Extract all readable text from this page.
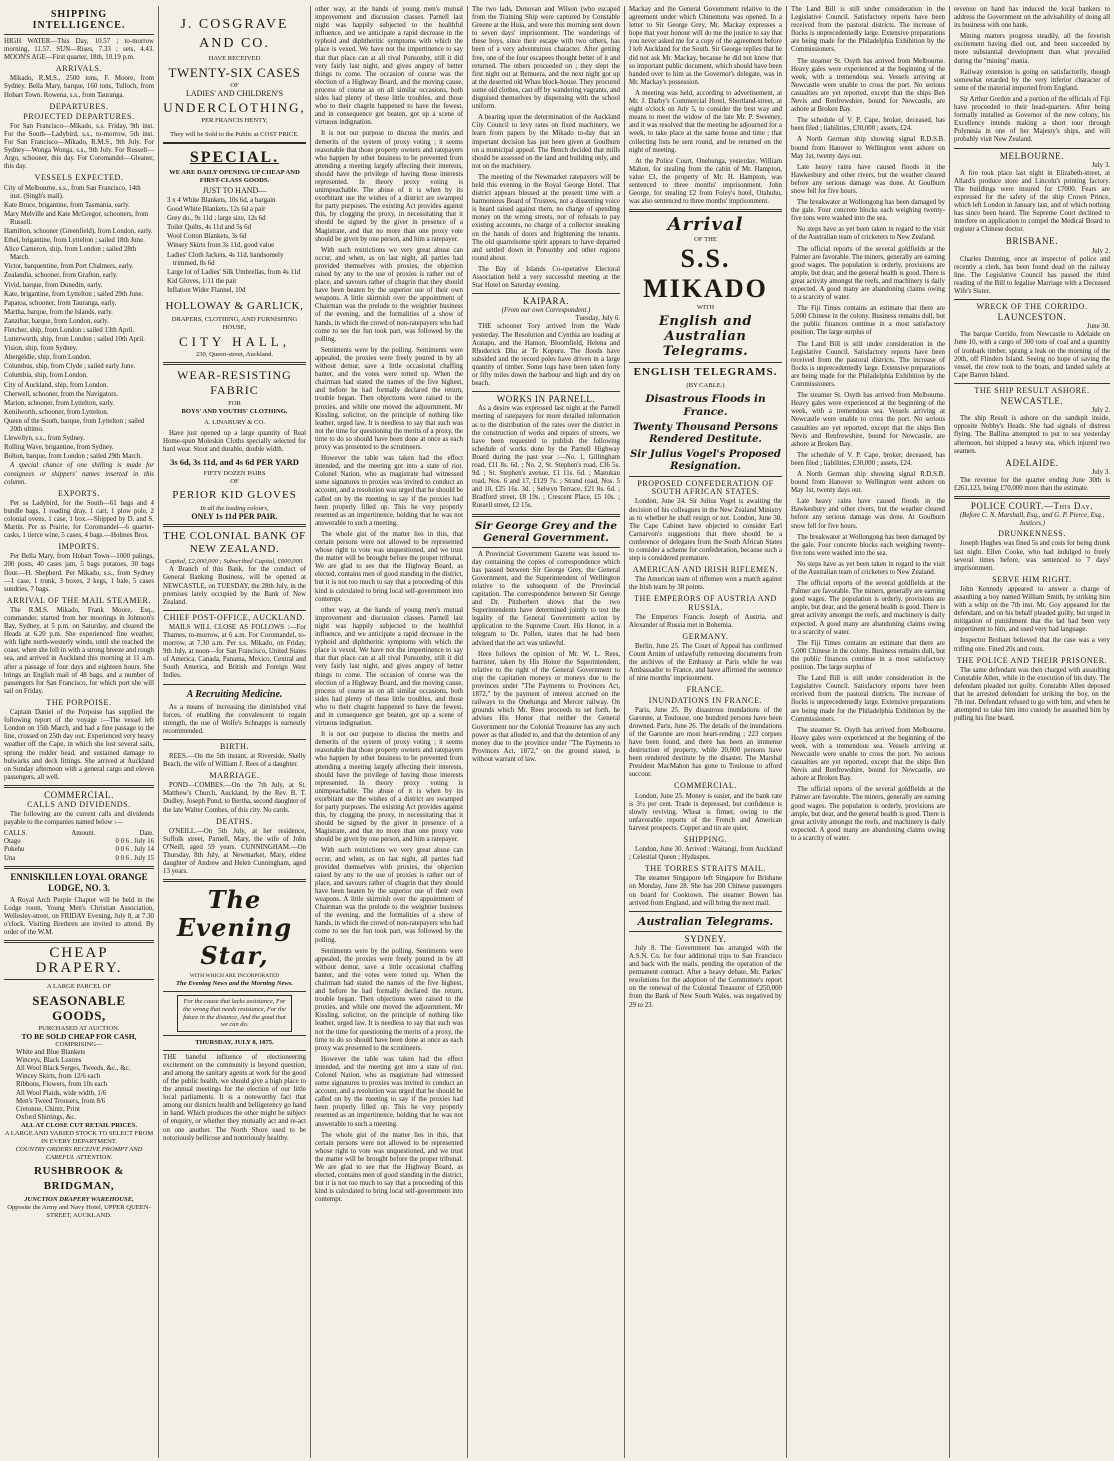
SHIPPING INTELLIGENCE.

HIGH WATER—This Day, 10.57 ; to-morrow morning, 11.57. SUN—Rises, 7.33 ; sets, 4.43. MOON'S AGE—First quarter, 18th, 10.19 p.m.

ARRIVALS.

Mikado, R.M.S., 2500 tons, F. Moore, from Sydney. Bella Mary, barque, 160 tons, Tulloch, from Hobart Town. Rowena, s.s., from Tauranga.

DEPARTURES.
PROJECTED DEPARTURES.

For San Francisco—Mikado, s.s. Friday, 9th inst. For the South—Ladybird, s.s., to-morrow, 5th inst. For San Francisco—Mikado, R.M.S., 9th July. For Sydney—Wonga Wonga, s.s., 9th July. For Russell—Argo, schooner, this day. For Coromandel—Gleaner, this day.

VESSELS EXPECTED.
City of Melbourne, s.s., from San Francisco, 14th inst. (Singh's mail).
Kate Bruce, brigantine, from Tasmania, early.
Mary Melville and Kate McGregor, schooners, from Russell.
Hamilton, schooner (Greenfield), from London, early.
Ethel, brigantine, from Lyttelton ; sailed 18th June.
Alice Cameron, ship, from London ; sailed 28th March.
Victor, barquentine, from Port Chalmers, early.
Zealandia, schooner, from Grafton, early.
Vivid, barque, from Dunedin, early.
Kate, brigantine, from Lyttelton ; sailed 29th June.
Papatoa, schooner, from Tauranga, early.
Martha, barque, from the Islands, early.
Zanzibar, barque, from London, early.
Fletcher, ship, from London ; sailed 13th April.
Lutterworth, ship, from London ; sailed 10th April.
Vision, ship, from Sydney.
Abergeldie, ship, from London.
Columbus, ship, from Clyde ; sailed early June.
Columbia, ship, from London.
City of Auckland, ship, from London.
Cherwell, schooner, from the Navigators.
Marion, schooner, from Lyttelton, early.
Kenilworth, schooner, from Lyttelton.
Queen of the South, barque, from Lyttelton ; sailed 20th ultimo.
Llewellyn, s.s., from Sydney.
Rolling Wave, brigantine, from Sydney.
Bolton, barque, from London ; sailed 29th March.

A special chance of one shilling is made for consignees or shippers' names inserted in this column.

EXPORTS.

Per ss Ladybird, for the South—61 bags and 4 bundle bags, 1 roading dray, 1 cart, 1 plow pole, 2 colonial ovens, 1 case, 1 box.—Shipped by D. and S. Martin. Per ss Prairie, for Coromandel—6 quarter-casks, 1 tierce wine, 5 cases, 4 bags.—Holmes Bros.

IMPORTS.

Per Bella Mary, from Hobart Town—1000 palings, 200 posts, 40 cases jam, 5 bags potatoes, 30 bags flour.—H. Shepherd. Per Mikado, s.s., from Sydney—1 case, 1 trunk, 3 boxes, 2 kegs, 1 bale, 5 cases sundries, 7 bags.

ARRIVAL OF THE MAIL STEAMER.

The R.M.S. Mikado, Frank Moore, Esq., commander, started from her moorings in Johnson's Bay, Sydney, at 5 p.m. on Saturday, and cleared the Heads at 6.20 p.m. She experienced fine weather, with light north-westerly winds, until she reached the coast, when she fell in with a strong breeze and rough sea, and arrived in Auckland this morning at 11 a.m. after a passage of four days and eighteen hours. She brings an English mail of 48 bags, and a number of passengers for San Francisco, for which port she will sail on Friday.

THE PORPOISE.

Captain Daniel of the Porpoise has supplied the following report of the voyage :—The vessel left London on 15th March, and had a fine passage to the line, crossed on 25th day out. Experienced very heavy weather off the Cape, in which she lost several sails, sprung the rudder head, and sustained damage to bulwarks and deck fittings. She arrived at Auckland on Sunday afternoon with a general cargo and eleven passengers, all well.

COMMERCIAL.
CALLS AND DIVIDENDS.

The following are the current calls and dividends payable to the companies named below :—

CALLS.	Amount.	Date.
Otago	0 0 6 . July 16
Pukehu	0 0 6 . July 14
Una	0 0 6 . July 15
ENNISKILLEN LOYAL ORANGE LODGE, NO. 3.

A Royal Arch Purple Chapter will be held in the Lodge room, Young Men's Christian Association, Wellesley-street, on FRIDAY Evening, July 8, at 7.30 o'clock. Visiting Brethren are invited to attend. By order of the W.M.

CHEAP DRAPERY.
A LARGE PARCEL OF
SEASONABLE GOODS,
PURCHASED AT AUCTION.
TO BE SOLD CHEAP FOR CASH,
COMPRISING—
White and Blue Blankets
Winceys, Black Lustres
All Wool Black Serges, Tweeds, &c., &c.
Wincey Skirts, from 12/6 each
Ribbons, Flowers, from 10s each
All Wool Plaids, wide width, 1/6
Men's Tweed Trousers, from 8/6
Cretonne, Chintz, Print
Oxford Shirtings, &c.
ALL AT CLOSE CUT RETAIL PRICES.
A LARGE AND VARIED STOCK TO SELECT FROM IN EVERY DEPARTMENT.
COUNTRY ORDERS RECEIVE PROMPT AND CAREFUL ATTENTION.
RUSHBROOK & BRIDGMAN,
JUNCTION DRAPERY WAREHOUSE,
Opposite the Army and Navy Hotel, UPPER QUEEN-STREET, AUCKLAND.
J. COSGRAVE AND CO.
HAVE RECEIVED
TWENTY-SIX CASES
OF
LADIES' AND CHILDREN'S
UNDERCLOTHING,
PER FRANCIS HENTY,
They will be Sold to the Public at COST PRICE.
SPECIAL.
WE ARE DAILY OPENING UP CHEAP AND FIRST-CLASS GOODS.
JUST TO HAND—
3 x 4 White Blankets, 10s 6d, a bargain
Good White Blankets, 12s 6d a pair
Grey do., 9s 11d ; large size, 12s 6d
Toilet Quilts, 4s 11d and 5s 6d
Wool Cotton Blankets, 3s 6d
Winsey Skirts from 3s 11d, good value
Ladies' Cloth Jackets, 4s 11d, handsomely trimmed, 8s 6d
Large lot of Ladies' Silk Umbrellas, from 4s 11d
Kid Gloves, 1/11 the pair
Inflation Wider Flannel, 10d
HOLLOWAY & GARLICK,
DRAPERS, CLOTHING, AND FURNISHING HOUSE,
CITY HALL,
230, Queen-street, Auckland.
WEAR-RESISTING FABRIC
FOR
BOYS' AND YOUTHS' CLOTHING.
A. LINABURY & CO.

Have just opened up a large quantity of Real Home-spun Moleskin Cloths specially selected for hard wear. Stout and durable, double width.

3s 6d, 3s 11d, and 4s 6d PER YARD
FIFTY DOZEN PAIRS
OF
PERIOR KID GLOVES
In all the leading colours,
ONLY 1s 11d PER PAIR.
THE COLONIAL BANK OF NEW ZEALAND.
Capital, £2,000,000 ; Subscribed Capital, £600,000.

A Branch of this Bank, for the conduct of General Banking Business, will be opened at NEWCASTLE, on TUESDAY, the 28th July, in the premises lately occupied by the Bank of New Zealand.

CHIEF POST-OFFICE, AUCKLAND.

MAILS WILL CLOSE AS FOLLOWS :—For Thames, to-morrow, at 6 a.m. For Coromandel, to-morrow, at 7.30 a.m. Per s.s. Mikado, on Friday, 9th July, at noon—for San Francisco, United States of America, Canada, Panama, Mexico, Central and South America, and British and Foreign West Indies.

A Recruiting Medicine.

As a means of increasing the diminished vital forces, of enabling the convalescent to regain strength, the use of Wolfe's Schnapps is earnestly recommended.

BIRTH.

REES.—On the 5th instant, at Riverside, Skelly Beach, the wife of William J. Rees of a daughter.

MARRIAGE.

POND—COMBES.—On the 7th July, at St. Matthew's Church, Auckland, by the Rev. B. T. Dudley, Joseph Pond, to Bertha, second daughter of the late Walter Combes, of this city. No cards.

DEATHS.

O'NEILL.—On 5th July, at her residence, Suffolk street, Parnell, Mary, the wife of John O'Neill, aged 59 years. CUNNINGHAM.—On Thursday, 8th July, at Newmarket, Mary, eldest daughter of Andrew and Helen Cunningham, aged 13 years.

The Evening Star,
WITH WHICH ARE INCORPORATED
The Evening News and the Morning News.
For the cause that lacks assistance, For the wrong that needs resistance, For the future in the distance, And the good that we can do.
THURSDAY, JULY 8, 1875.

THE baneful influence of electioneering excitement on the community is beyond question, and among the sanitary agents at work for the good of the public health, we should give a high place to the annual meetings for the election of our little local parliaments. It is a noteworthy fact that among our districts health and belligerency go hand in hand. Which produces the other might be subject of enquiry, or whether they mutually act and re-act on one another. The North Shore used to be notoriously bellicose and notoriously healthy.

other way, at the hands of young men's mutual improvement and discussion classes. Parnell last night was happily subjected to the healthful influence, and we anticipate a rapid decrease in the typhoid and diphtheritic symptoms with which the place is vexed. We have not the impertinence to say that that place can at all rival Ponsonby, still it did very fairly last night, and gives angury of better things to come. The occasion of course was the election of a Highway Board, and the moving cause, process of course as on all similar occasions, both sides had plenty of these little troubles, and those who to their chagrin happened to have the fewest, and in consequence got beaten, got up a scene of virtuous indignation.

It is not our purpose to discuss the merits and demerits of the system of proxy voting ; it seems reasonable that those property owners and ratepayers who happen by other business to be prevented from attending a meeting largely affecting their interests, should have the privilege of having those interests represented. In theory proxy voting is unimpeachable. The abuse of it is when by its exorbitant use the wishes of a district are swamped for party purposes. The existing Act provides against this, by clogging the proxy, in necessitating that it should be signed by the giver in presence of a Magistrate, and that no more than one proxy vote should be given by one person, and him a ratepayer.

With such restrictions we very great abuse can occur, and when, as on last night, all parties had provided themselves with proxies, the objection raised by any to the use of proxies is rather out of place, and savours rather of chagrin that they should have been beaten by the superior use of their own weapons. A little skirmish over the appointment of Chairman was the prelude to the weightier business of the evening, and the formalities of a show of hands, in which the crowd of non-ratepayers who had come to see the fun took part, was followed by the polling.

Sentiments were by the polling. Sentiments were appealed, the proxies were freely poured in by all without demur, save a little occasional chaffing banter, and the votes were totted up. When the chairman had stated the names of the five highest, and before he had formally declared the return, trouble began. Then objections were raised to the proxies, and while one moved the adjournment, Mr Kissling, solicitor, on the principle of nothing like leather, urged law. It is needless to say that such was not the time for questioning the merits of a proxy, the time to do so should have been done at once as each proxy was presented to the scrutineers.

However the table was taken had the effect intended, and the meeting got into a state of riot. Colonel Nation, who as magistrate had witnessed some signatures to proxies was invited to conduct an account, and a resolution was urged that he should be called on by the meeting to say if the proxies had been properly filled up. This he very properly resented as an impertinence, holding that he was not answerable to such a meeting.

The whole gist of the matter lies in this, that certain persons were not allowed to be represented whose right to vote was unquestioned, and we trust the matter will be brought before the proper tribunal. We are glad to see that the Highway Board, as elected, contains men of good standing in the district, but it is not too much to say that a proceeding of this kind is calculated to bring local self-government into contempt.

other way, at the hands of young men's mutual improvement and discussion classes. Parnell last night was happily subjected to the healthful influence, and we anticipate a rapid decrease in the typhoid and diphtheritic symptoms with which the place is vexed. We have not the impertinence to say that that place can at all rival Ponsonby, still it did very fairly last night, and gives angury of better things to come. The occasion of course was the election of a Highway Board, and the moving cause, process of course as on all similar occasions, both sides had plenty of these little troubles, and those who to their chagrin happened to have the fewest, and in consequence got beaten, got up a scene of virtuous indignation.

It is not our purpose to discuss the merits and demerits of the system of proxy voting ; it seems reasonable that those property owners and ratepayers who happen by other business to be prevented from attending a meeting largely affecting their interests, should have the privilege of having those interests represented. In theory proxy voting is unimpeachable. The abuse of it is when by its exorbitant use the wishes of a district are swamped for party purposes. The existing Act provides against this, by clogging the proxy, in necessitating that it should be signed by the giver in presence of a Magistrate, and that no more than one proxy vote should be given by one person, and him a ratepayer.

With such restrictions we very great abuse can occur, and when, as on last night, all parties had provided themselves with proxies, the objection raised by any to the use of proxies is rather out of place, and savours rather of chagrin that they should have been beaten by the superior use of their own weapons. A little skirmish over the appointment of Chairman was the prelude to the weightier business of the evening, and the formalities of a show of hands, in which the crowd of non-ratepayers who had come to see the fun took part, was followed by the polling.

Sentiments were by the polling. Sentiments were appealed, the proxies were freely poured in by all without demur, save a little occasional chaffing banter, and the votes were totted up. When the chairman had stated the names of the five highest, and before he had formally declared the return, trouble began. Then objections were raised to the proxies, and while one moved the adjournment, Mr Kissling, solicitor, on the principle of nothing like leather, urged law. It is needless to say that such was not the time for questioning the merits of a proxy, the time to do so should have been done at once as each proxy was presented to the scrutineers.

However the table was taken had the effect intended, and the meeting got into a state of riot. Colonel Nation, who as magistrate had witnessed some signatures to proxies was invited to conduct an account, and a resolution was urged that he should be called on by the meeting to say if the proxies had been properly filled up. This he very properly resented as an impertinence, holding that he was not answerable to such a meeting.

The whole gist of the matter lies in this, that certain persons were not allowed to be represented whose right to vote was unquestioned, and we trust the matter will be brought before the proper tribunal. We are glad to see that the Highway Board, as elected, contains men of good standing in the district, but it is not too much to say that a proceeding of this kind is calculated to bring local self-government into contempt.

The two lads, Donovan and Wilson (who escaped from the Training Ship were captured by Constable Greene at the Huia, and were this morning sent down to seven days' imprisonment. The wanderings of these boys, since their escape with two others, has been of a very adventurous character. After getting free, one of the four escapees thought better of it and returned. The others proceeded on ; they slept the first night out at Remuera, and the next night got up at the deserted old Whau block-house. They procured some old clothes, cast off by wandering vagrants, and disguised themselves by dispensing with the school uniform.

A bearing upon the determination of the Auckland City Council to levy rates on fixed machinery, we learn from papers by the Mikado to-day that an important decision has just been given at Goulburn on a municipal appeal. The Bench decided that mills should be assessed on the land and building only, and not on the machinery.

The meeting of the Newmarket ratepayers will be held this evening in the Royal George Hotel. That district appears blessed at the present time with a harmonious Board of Trustees, not a dissenting voice is heard raised against them, no charge of spending money on the wrong streets, nor of refusals to pay existing accounts, no charge of a collector sneaking on the hands of doors and frightening the tenants. The old quarrelsome spirit appears to have departed and settled down in Ponsonby and other regions round about.

The Bay of Islands Co-operative Electoral Association held a very successful meeting at the Star Hotel on Saturday evening.

KAIPARA.
(From our own Correspondent.)
Tuesday, July 6.

THE schooner Tory arrived from the Wade yesterday. The Resolution and Cynthia are loading at Aratapu, and the Hamon, Bloomfield, Helena and Rhoderick Dhu at Te Kopuru. The floods have subsided and the record poles have driven in a large quantity of timber. Some logs have been taken forty or fifty miles down the harbour and high and dry on beach.

WORKS IN PARNELL.

As a desire was expressed last night at the Parnell meeting of ratepayers for more detailed information as to the distribution of the rates over the district in the construction of works and repairs of streets, we have been requested to publish the following schedule of works done by the Parnell Highway Board during the past year :—No. 1, Gillingham road, £11 8s. 6d. ; No. 2, St. Stephen's road, £36 5s. 9d. ; St. Stephen's avenue, £1 11s. 6d. ; Manukau road, Nos. 6 and 17, £129 7s. ; Strand road, Nos. 5 and 10, £25 16s. 3d. ; Selwyn Terrace, £21 8s. 6d. ; Bradford street, £8 19s. ; Crescent Place, £5 10s. ; Russell street, £2 15s.

Sir George Grey and the General Government.

A Provincial Government Gazette was issued to-day containing the copies of correspondence which has passed between Sir George Grey, the General Government, and the Superintendent of Wellington relative to the subsequent of the Provincial capitation. The correspondence between Sir George and Dr. Pitzherbert shows that the two Superintendents have determined jointly to test the legality of the General Government action by application to the Supreme Court. His Honor, in a telegram to Dr. Pollen, states that he had been advised that the act was unlawful.

Here follows the opinion of Mr. W. L. Rees, barrister, taken by His Honor the Superintendent, relative to the right of the General Government to stop the capitation moneys or moneys due to the provinces under "The Payments to Provinces Act, 1872," by the payment of interest accrued on the railways to the Onehunga and Mercer railway. On grounds which Mr. Rees proceeds to set forth, he advises His Honor that neither the General Government nor the Colonial Treasurer has any such power as that alluded to, and that the detention of any money due to the province under "The Payments to Provinces Act, 1872," on the ground stated, is without warrant of law.

Mackay and the General Government relative to the agreement under which Chinemutu was opened. In a letter to Sir George Grey, Mr. Mackay expresses a hope that your honour will do me the justice to say that you never asked me for a copy of the agreement before I left Auckland for the South. Sir George replies that he did not ask Mr. Mackay, because he did not know that so important public document, which should have been handed over to him as the Governor's delegate, was in Mr. Mackay's possession.

A meeting was held, according to advertisement, at Mr. J. Darby's Commercial Hotel, Shortland-street, at eight o'clock on July 5, to consider the best way and means to meet the widow of the late Mr. P. Sweeney, and it was resolved that the meeting be adjourned for a week, to take place at the same house and time ; that collecting lists be sent round, and be returned on the night of meeting.

At the Police Court, Onehunga, yesterday, William Mahon, for stealing from the cabin of Mr. Hampton, value £3, the property of Mr. H. Hampton, was sentenced to three months' imprisonment. John George, for stealing £2 from Foley's hotel, Otahuhu, was also sentenced to three months' imprisonment.

Arrival
OF THE
S.S. MIKADO
WITH
English and Australian Telegrams.
ENGLISH TELEGRAMS.
(BY CABLE.)
Disastrous Floods in France.
Twenty Thousand Persons Rendered Destitute.
Sir Julius Vogel's Proposed Resignation.
PROPOSED CONFEDERATION OF SOUTH AFRICAN STATES.

London, June 24. Sir Julius Vogel is awaiting the decision of his colleagues in the New Zealand Ministry as to whether he shall resign or not. London, June 30. The Cape Cabinet have objected to consider Earl Carnarvon's suggestions that there should be a conference of delegates from the South African States to consider a scheme for confederation, because such a step is considered premature.

AMERICAN AND IRISH RIFLEMEN.

The American team of riflemen won a match against the Irish team by 38 points.

THE EMPERORS OF AUSTRIA AND RUSSIA.

The Emperors Francis Joseph of Austria, and Alexander of Russia met in Bohemia.

GERMANY.

Berlin, June 25. The Court of Appeal has confirmed Count Arnim of unlawfully removing documents from the archives of the Embassy at Paris while he was Ambassador to France, and have affirmed the sentence of nine months' imprisonment.

FRANCE.
INUNDATIONS IN FRANCE.

Paris, June 25. By disastrous inundations of the Garonne, at Toulouse, one hundred persons have been drowned. Paris, June 26. The details of the inundations of the Garonne are most heart-rending ; 223 corpses have been found, and there has been an immense destruction of property, while 20,000 persons have been rendered destitute by the disaster. The Marshal President MacMahon has gone to Toulouse to afford succour.

COMMERCIAL.

London, June 25. Money is easier, and the bank rate is 3½ per cent. Trade is depressed, but confidence is slowly reviving. Wheat is firmer, owing to the unfavorable reports of the French and American harvest prospects. Copper and tin are quiet.

SHIPPING.

London, June 30. Arrived : Waitangi, from Auckland ; Celestial Queen ; Hydaspes.

THE TORRES STRAITS MAIL.

The steamer Singapore left Singapore for Brisbane on Monday, June 28. She has 200 Chinese passengers on board for Cooktown. The steamer Bowen has arrived from England, and will bring the next mail.

Australian Telegrams.
SYDNEY.

July 8. The Government has arranged with the A.S.N. Co. for four additional trips to San Francisco and back with the mails, pending the operation of the permanent contract. After a heavy debate, Mr. Parkes' resolutions for the adoption of the Committee's report on the renewal of the Colonial Treasurer of £250,000 from the Bank of New South Wales, was negatived by 29 to 23.

The Land Bill is still under consideration in the Legislative Council. Satisfactory reports have been received from the pastoral districts. The increase of flocks is unprecedentedly large. Extensive preparations are being made for the Philadelphia Exhibition by the Commissioners.

The steamer St. Osyth has arrived from Melbourne. Heavy gales were experienced at the beginning of the week, with a tremendous sea. Vessels arriving at Newcastle were unable to cross the port. No serious casualties are yet reported, except that the ships Ben Nevis and Renfrewshire, bound for Newcastle, are ashore at Broken Bay.

The schedule of V. P. Cape, broker, deceased, has been filed ; liabilities, £30,000 ; assets, £24.

A North German ship showing signal R.D.S.B. bound from Hanover to Wellington went ashore on May 1st, twenty days out.

Late heavy rains have caused floods in the Hawkesbury and other rivers, but the weather cleared before any serious damage was done. At Goulburn snow fell for five hours.

The breakwater at Wollongong has been damaged by the gale. Four concrete blocks each weighing twenty-five tons were washed into the sea.

No steps have as yet been taken in regard to the visit of the Australian team of cricketers to New Zealand.

The official reports of the several goldfields at the Palmer are favorable. The miners, generally are earning good wages. The population is orderly, provisions are ample, but dear, and the general health is good. There is great activity amongst the reefs, and machinery is daily expected. A good many are abandoning claims owing to a scarcity of water.

The Fiji Times contains an estimate that there are 5,000 Chinese in the colony. Business remains dull, but the public finances continue in a most satisfactory position. The large surplus of

The Land Bill is still under consideration in the Legislative Council. Satisfactory reports have been received from the pastoral districts. The increase of flocks is unprecedentedly large. Extensive preparations are being made for the Philadelphia Exhibition by the Commissioners.

The steamer St. Osyth has arrived from Melbourne. Heavy gales were experienced at the beginning of the week, with a tremendous sea. Vessels arriving at Newcastle were unable to cross the port. No serious casualties are yet reported, except that the ships Ben Nevis and Renfrewshire, bound for Newcastle, are ashore at Broken Bay.

The schedule of V. P. Cape, broker, deceased, has been filed ; liabilities, £30,000 ; assets, £24.

A North German ship showing signal R.D.S.B. bound from Hanover to Wellington went ashore on May 1st, twenty days out.

Late heavy rains have caused floods in the Hawkesbury and other rivers, but the weather cleared before any serious damage was done. At Goulburn snow fell for five hours.

The breakwater at Wollongong has been damaged by the gale. Four concrete blocks each weighing twenty-five tons were washed into the sea.

No steps have as yet been taken in regard to the visit of the Australian team of cricketers to New Zealand.

The official reports of the several goldfields at the Palmer are favorable. The miners, generally are earning good wages. The population is orderly, provisions are ample, but dear, and the general health is good. There is great activity amongst the reefs, and machinery is daily expected. A good many are abandoning claims owing to a scarcity of water.

The Fiji Times contains an estimate that there are 5,000 Chinese in the colony. Business remains dull, but the public finances continue in a most satisfactory position. The large surplus of

The Land Bill is still under consideration in the Legislative Council. Satisfactory reports have been received from the pastoral districts. The increase of flocks is unprecedentedly large. Extensive preparations are being made for the Philadelphia Exhibition by the Commissioners.

The steamer St. Osyth has arrived from Melbourne. Heavy gales were experienced at the beginning of the week, with a tremendous sea. Vessels arriving at Newcastle were unable to cross the port. No serious casualties are yet reported, except that the ships Ben Nevis and Renfrewshire, bound for Newcastle, are ashore at Broken Bay.

The official reports of the several goldfields at the Palmer are favorable. The miners, generally are earning good wages. The population is orderly, provisions are ample, but dear, and the general health is good. There is great activity amongst the reefs, and machinery is daily expected. A good many are abandoning claims owing to a scarcity of water.

revenue on hand has induced the local bankers to address the Government on the advisability of doing all its business with one bank.

Mining matters progress steadily, all the feverish excitement having died out, and been succeeded by more substantial development than what prevailed during the "mining" mania.

Railway extension is going on satisfactorily, though somewhat retarded by the very inferior character of some of the material imported from England.

Sir Arthur Gordon and a portion of the officials of Fiji have proceeded to their head-quarters. After being formally installed as Governor of the new colony, his Excellency intends making a short tour through Polynesia in one of her Majesty's ships, and will probably visit New Zealand.

MELBOURNE.
July 3.

A fire took place last night in Elizabeth-street, at Allard's produce store and Lincoln's printing factory. The buildings were insured for £7000. Fears are expressed for the safety of the ship Crown Prince, which left London in January last, and of which nothing has since been heard. The Supreme Court declined to interfere on application to compel the Medical Board to register a Chinese doctor.

BRISBANE.
July 2.

Charles Dunning, once an inspector of police and recently a clerk, has been found dead on the railway line. The Legislative Council has passed the third reading of the Bill to legalise Marriage with a Deceased Wife's Sister.

WRECK OF THE CORRIDO.
LAUNCESTON.
June 30.

The barque Corrido, from Newcastle to Adelaide on June 10, with a cargo of 300 tons of coal and a quantity of ironbark timber, sprang a leak on the morning of the 20th, off Flinders Island. Seeing no hope of saving the vessel, the crew took to the boats, and landed safely at Cape Barren Island.

THE SHIP RESULT ASHORE.
NEWCASTLE.
July 2.

The ship Result is ashore on the sandspit inside, opposite Nobby's Heads. She had signals of distress flying. The Ballina attempted to put to sea yesterday afternoon, but shipped a heavy sea, which injured two seamen.

ADELAIDE.
July 3.

The revenue for the quarter ending June 30th is £261,123, being £70,000 more than the estimate.

POLICE COURT.—This Day.
(Before C. N. Marshall, Esq., and G. P. Pierce, Esq., Justices.)
DRUNKENNESS.

Joseph Hughes was fined 5s and costs for being drunk last night. Ellen Cooke, who had indulged to freely several times before, was sentenced to 7 days' imprisonment.

SERVE HIM RIGHT.

John Kennedy appeared to answer a charge of assaulting a boy named William Smith, by striking him with a whip on the 7th inst. Mr. Goy appeared for the defendant, and on his behalf pleaded guilty, but urged in mitigation of punishment that the lad had been very impertinent to him, and used very bad language.

Inspector Broham believed that the case was a very trifling one. Fined 20s and costs.

THE POLICE AND THEIR PRISONER.

The same defendant was then charged with assaulting Constable Allen, while in the execution of his duty. The defendant pleaded not guilty. Constable Allen deposed that he arrested defendant for striking the boy, on the 7th inst. Defendant refused to go with him, and when he attempted to take him into custody he assaulted him by pulling his fine beard.
